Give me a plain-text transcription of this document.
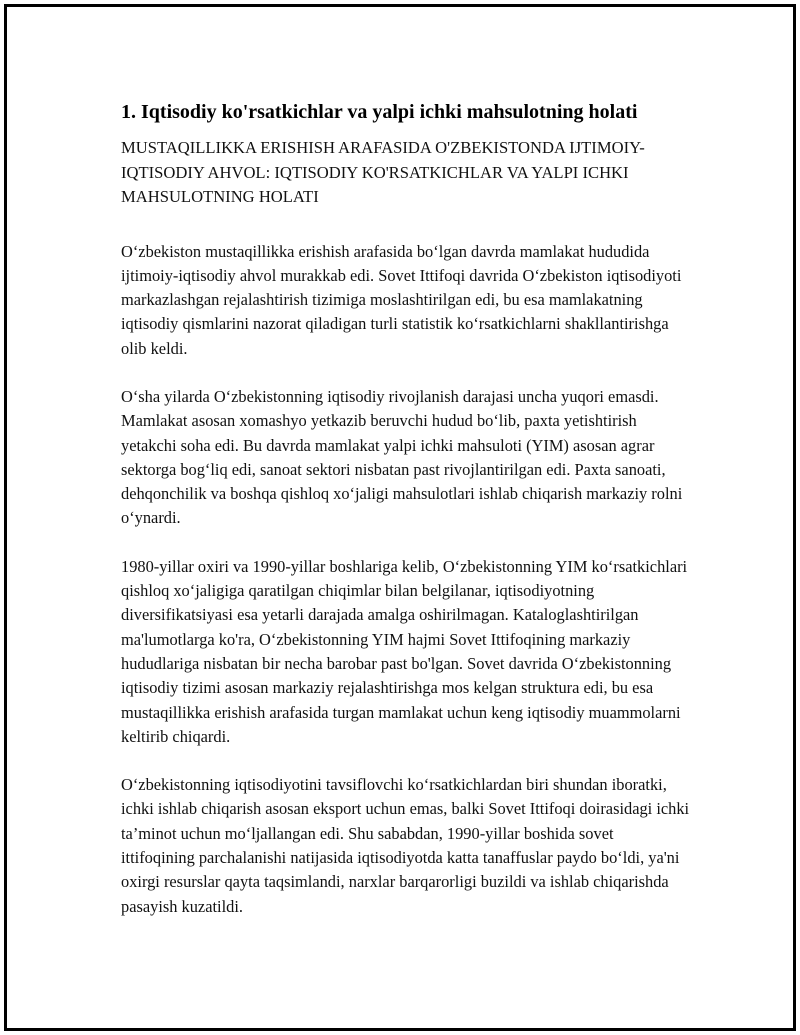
1. Iqtisodiy ko'rsatkichlar va yalpi ichki mahsulotning holati

MUSTAQILLIKKA ERISHISH ARAFASIDA O'ZBEKISTONDA IJTIMOIY-IQTISODIY AHVOL: IQTISODIY KO'RSATKICHLAR VA YALPI ICHKI MAHSULOTNING HOLATI

O‘zbekiston mustaqillikka erishish arafasida bo‘lgan davrda mamlakat hududida ijtimoiy-iqtisodiy ahvol murakkab edi. Sovet Ittifoqi davrida O‘zbekiston iqtisodiyoti markazlashgan rejalashtirish tizimiga moslashtirilgan edi, bu esa mamlakatning iqtisodiy qismlarini nazorat qiladigan turli statistik ko‘rsatkichlarni shakllantirishga olib keldi.

O‘sha yilarda O‘zbekistonning iqtisodiy rivojlanish darajasi uncha yuqori emasdi. Mamlakat asosan xomashyo yetkazib beruvchi hudud bo‘lib, paxta yetishtirish yetakchi soha edi. Bu davrda mamlakat yalpi ichki mahsuloti (YIM) asosan agrar sektorga bog‘liq edi, sanoat sektori nisbatan past rivojlantirilgan edi. Paxta sanoati, dehqonchilik va boshqa qishloq xo‘jaligi mahsulotlari ishlab chiqarish markaziy rolni o‘ynardi.

1980-yillar oxiri va 1990-yillar boshlariga kelib, O‘zbekistonning YIM ko‘rsatkichlari qishloq xo‘jaligiga qaratilgan chiqimlar bilan belgilanar, iqtisodiyotning diversifikatsiyasi esa yetarli darajada amalga oshirilmagan. Kataloglashtirilgan ma'lumotlarga ko'ra, O‘zbekistonning YIM hajmi Sovet Ittifoqining markaziy hududlariga nisbatan bir necha barobar past bo'lgan. Sovet davrida O‘zbekistonning iqtisodiy tizimi asosan markaziy rejalashtirishga mos kelgan struktura edi, bu esa mustaqillikka erishish arafasida turgan mamlakat uchun keng iqtisodiy muammolarni keltirib chiqardi.

O‘zbekistonning iqtisodiyotini tavsiflovchi ko‘rsatkichlardan biri shundan iboratki, ichki ishlab chiqarish asosan eksport uchun emas, balki Sovet Ittifoqi doirasidagi ichki ta’minot uchun mo‘ljallangan edi. Shu sababdan, 1990-yillar boshida sovet ittifoqining parchalanishi natijasida iqtisodiyotda katta tanaffuslar paydo bo‘ldi, ya'ni oxirgi resurslar qayta taqsimlandi, narxlar barqarorligi buzildi va ishlab chiqarishda pasayish kuzatildi.
